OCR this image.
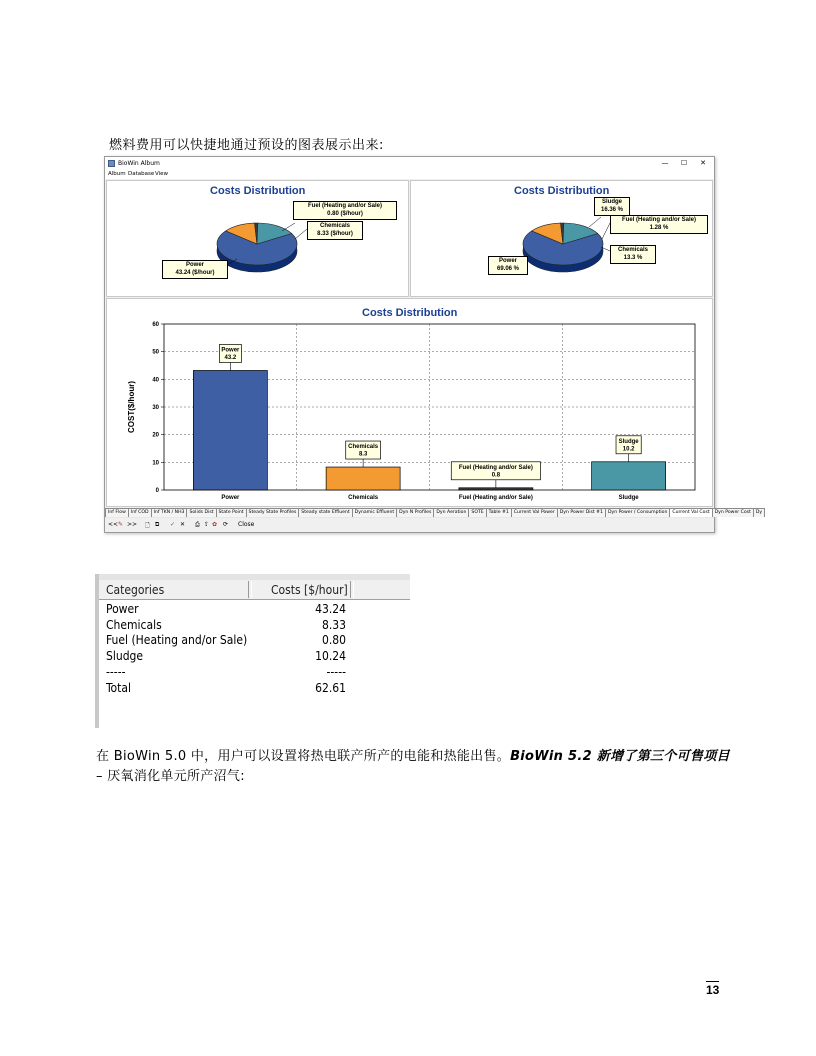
燃料费用可以快捷地通过预设的图表展示出来:
BioWin Album	—	☐	✕
Album Database View
Costs Distribution
Fuel (Heating and/or Sale)
0.80 ($/hour)
Chemicals
8.33 ($/hour)
Power
43.24 ($/hour)
Costs Distribution
Sludge
16.36 %
Fuel (Heating and/or Sale)
1.28 %
Chemicals
13.3 %
Power
69.06 %
Costs Distribution
0
10
20
30
40
50
60
COST($/hour)
Power
Power
43.2
Chemicals
Chemicals
8.3
Fuel (Heating and/or Sale)
Fuel (Heating and/or Sale)
0.8
Sludge
Sludge
10.2
Inf Flow Inf COD Inf TKN / NH3 Solids Dist State Point Steady State Profiles Steady state Effluent Dynamic Effluent Dyn N Profiles Dyn Aeration SOTE Table #1 Current Val Power Dyn Power Dist #1 Dyn Power / Consumption Current Val Cost Dyn Power Cost Dy
<< ✎ >> 🗋 ⧉ ✓ ✕ ⎙ ⇪ ✿ ⟳ Close
Categories	Costs [$/hour]
Power	43.24
Chemicals	8.33
Fuel (Heating and/or Sale)	0.80
Sludge	10.24
-----	-----
Total	62.61
在 BioWin 5.0 中，用户可以设置将热电联产所产的电能和热能出售。BioWin 5.2 新增了第三个可售项目 – 厌氧消化单元所产沼气:
13
